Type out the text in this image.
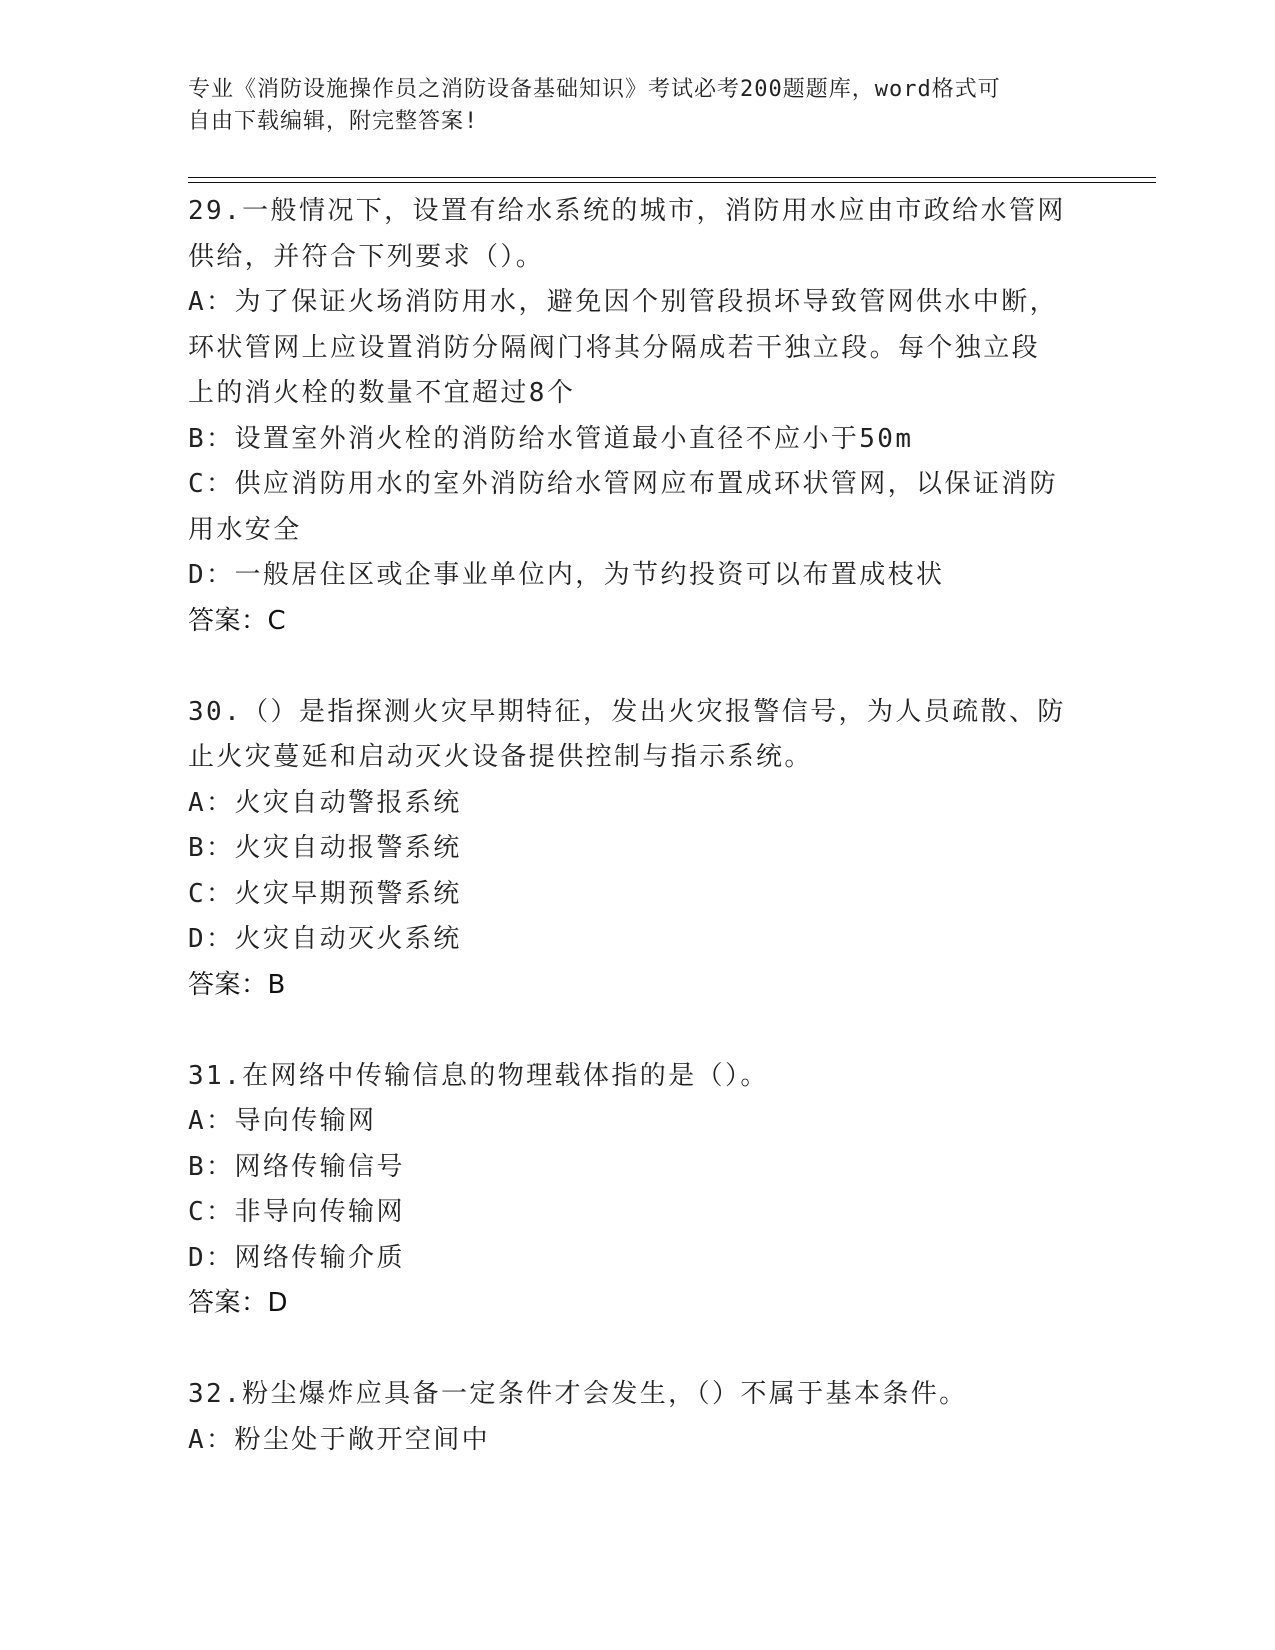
专业《消防设施操作员之消防设备基础知识》考试必考200题题库，word格式可

自由下载编辑，附完整答案!

29.一般情况下，设置有给水系统的城市，消防用水应由市政给水管网

供给，并符合下列要求（）。

A：为了保证火场消防用水，避免因个别管段损坏导致管网供水中断，

环状管网上应设置消防分隔阀门将其分隔成若干独立段。每个独立段

上的消火栓的数量不宜超过8个

B：设置室外消火栓的消防给水管道最小直径不应小于50m

C：供应消防用水的室外消防给水管网应布置成环状管网，以保证消防

用水安全

D：一般居住区或企事业单位内，为节约投资可以布置成枝状

答案：C

30.（）是指探测火灾早期特征，发出火灾报警信号，为人员疏散、防

止火灾蔓延和启动灭火设备提供控制与指示系统。

A：火灾自动警报系统

B：火灾自动报警系统

C：火灾早期预警系统

D：火灾自动灭火系统

答案：B

31.在网络中传输信息的物理载体指的是（）。

A：导向传输网

B：网络传输信号

C：非导向传输网

D：网络传输介质

答案：D

32.粉尘爆炸应具备一定条件才会发生，（）不属于基本条件。

A：粉尘处于敞开空间中
